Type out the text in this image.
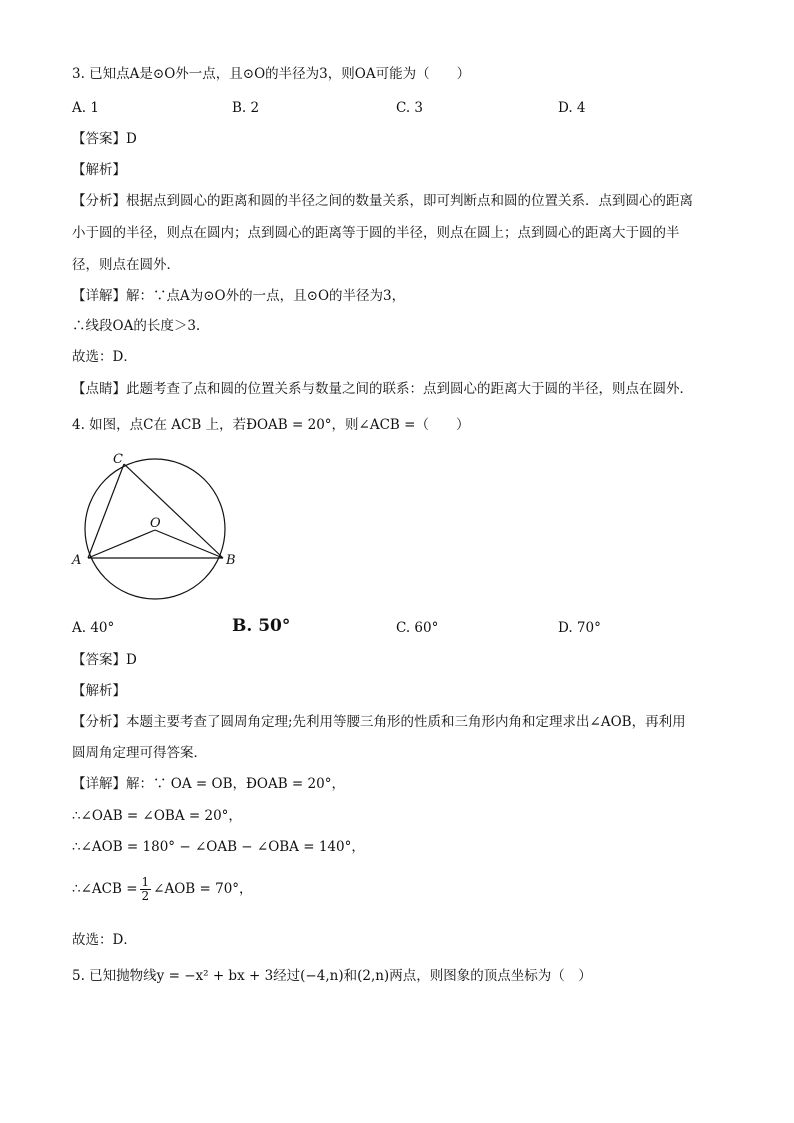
3. 已知点A是⊙O外一点，且⊙O的半径为3，则OA可能为（　　）
A. 1	B. 2	C. 3	D. 4
【答案】D
【解析】
【分析】根据点到圆心的距离和圆的半径之间的数量关系，即可判断点和圆的位置关系．点到圆心的距离
小于圆的半径，则点在圆内；点到圆心的距离等于圆的半径，则点在圆上；点到圆心的距离大于圆的半
径，则点在圆外．
【详解】解：∵点A为⊙O外的一点，且⊙O的半径为3，
∴线段OA的长度＞3.
故选：D．
【点睛】此题考查了点和圆的位置关系与数量之间的联系：点到圆心的距离大于圆的半径，则点在圆外．
4. 如图，点C在 ACB 上，若ÐOAB = 20°，则∠ACB =（　　）
C
O
A	B
A. 40°	B. 50°	C. 60°	D. 70°
【答案】D
【解析】
【分析】本题主要考查了圆周角定理;先利用等腰三角形的性质和三角形内角和定理求出∠AOB，再利用
圆周角定理可得答案．
【详解】解：∵ OA = OB，ÐOAB = 20°，
∴∠OAB = ∠OBA = 20°，
∴∠AOB = 180° − ∠OAB − ∠OBA = 140°，
∴∠ACB = $\frac{1}{2}$ ∠AOB = 70°，
故选：D．
5. 已知抛物线y = −x² + bx + 3经过(−4,n)和(2,n)两点，则图象的顶点坐标为（　）
